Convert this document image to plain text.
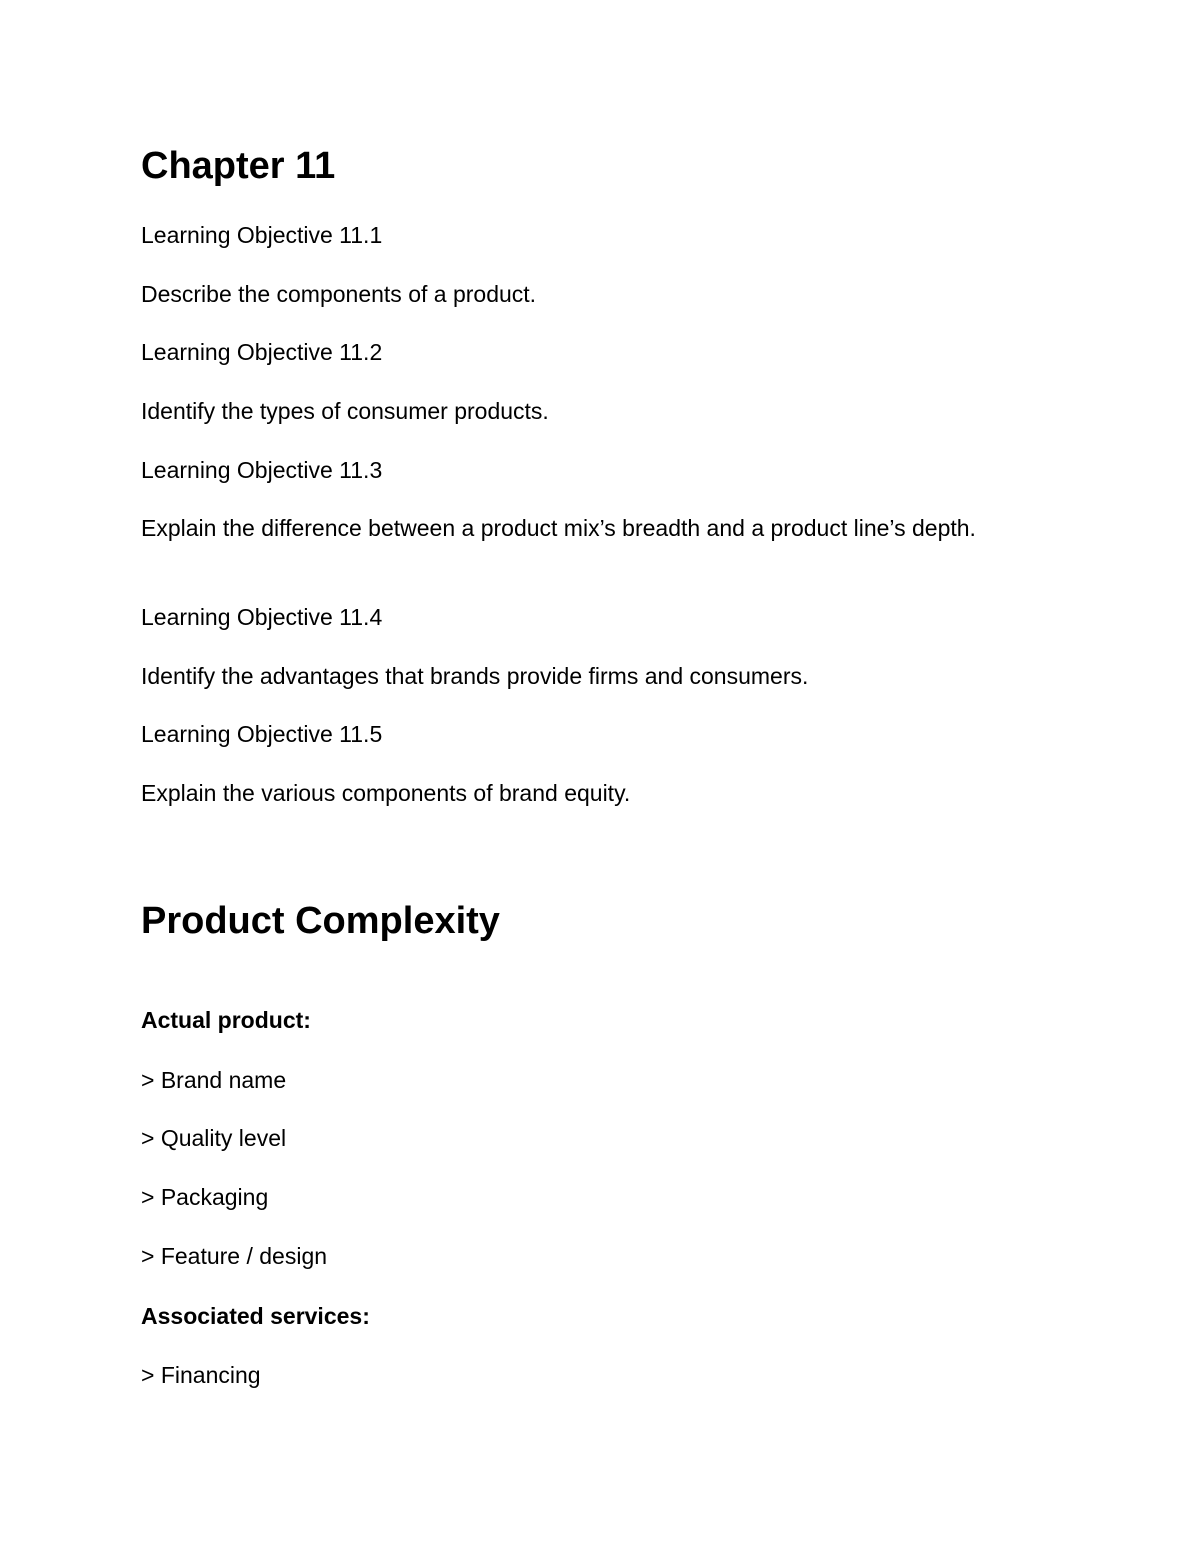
Chapter 11
Learning Objective 11.1
Describe the components of a product.
Learning Objective 11.2
Identify the types of consumer products.
Learning Objective 11.3
Explain the difference between a product mix’s breadth and a product line’s depth.
Learning Objective 11.4
Identify the advantages that brands provide firms and consumers.
Learning Objective 11.5
Explain the various components of brand equity.
Product Complexity
Actual product:
> Brand name
> Quality level
> Packaging
> Feature / design
Associated services:
> Financing
